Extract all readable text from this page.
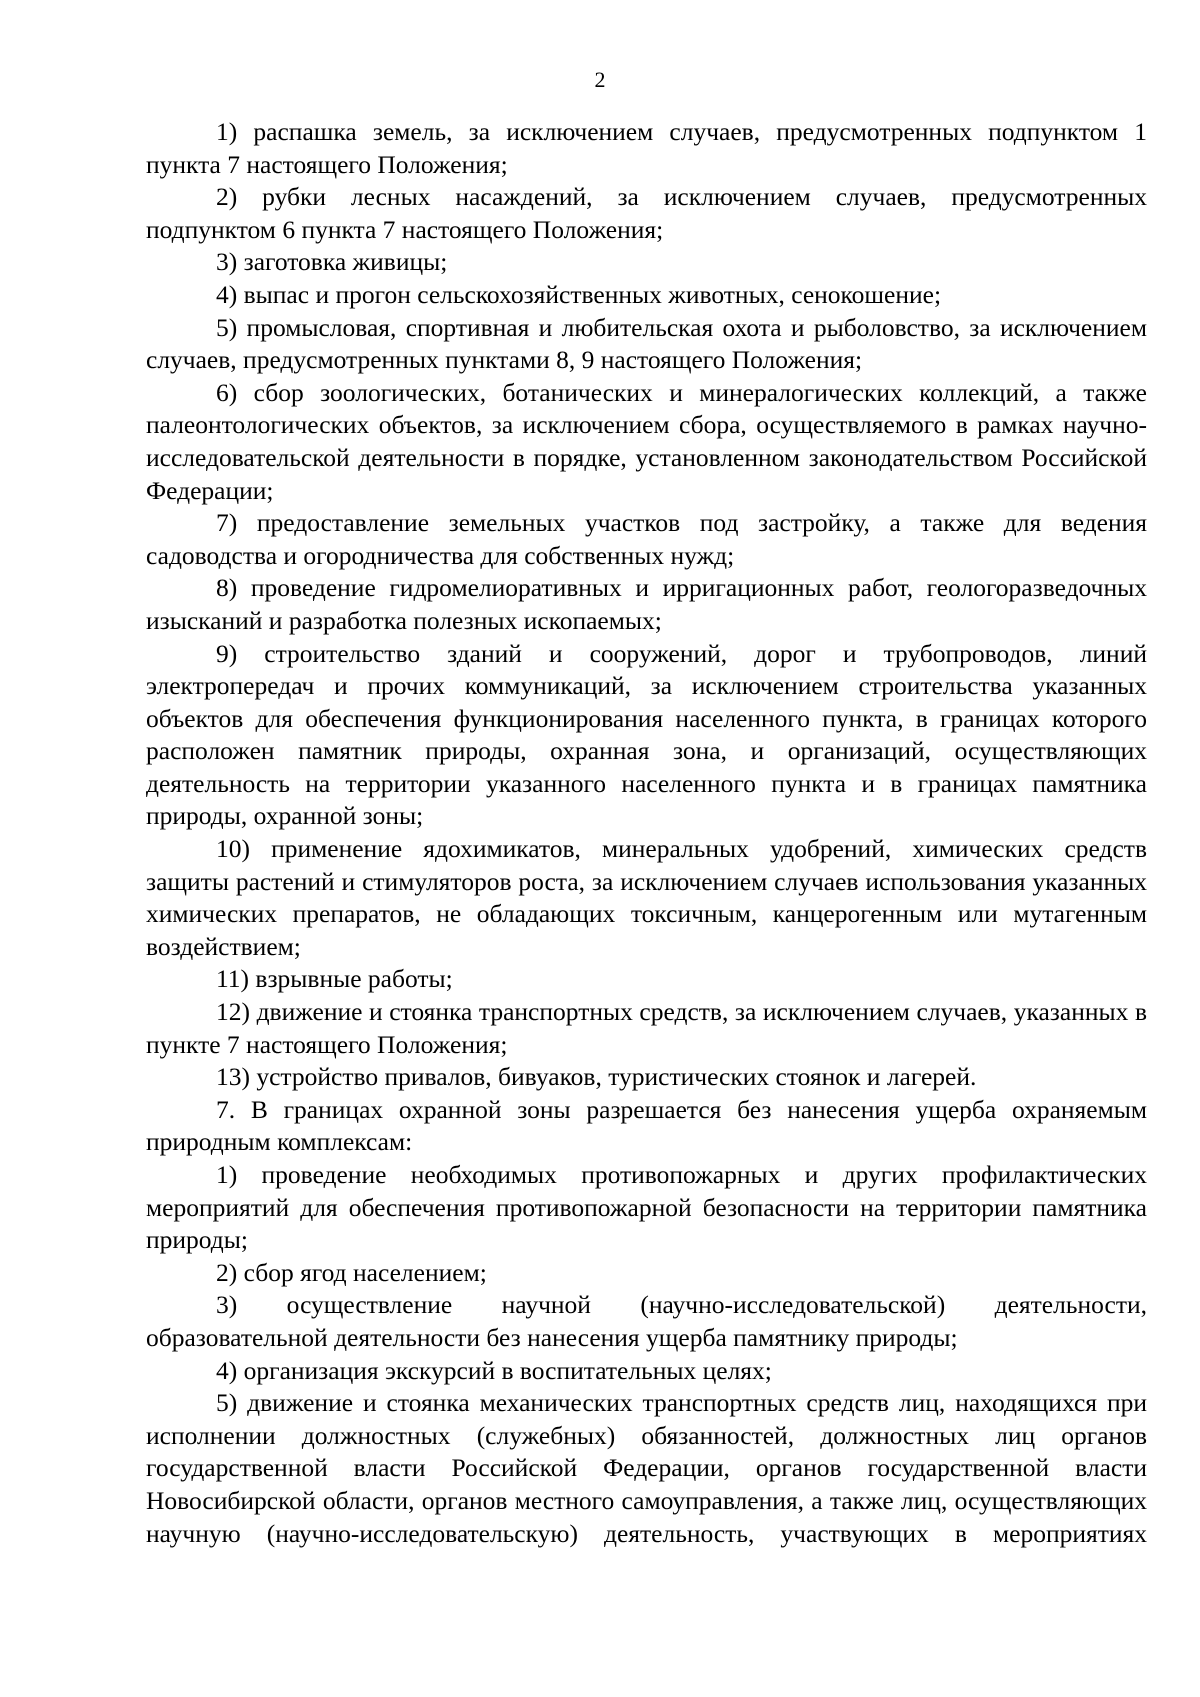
2

1) распашка земель, за исключением случаев, предусмотренных подпунктом 1 пункта 7 настоящего Положения;

2) рубки лесных насаждений, за исключением случаев, предусмотренных подпунктом 6 пункта 7 настоящего Положения;

3) заготовка живицы;

4) выпас и прогон сельскохозяйственных животных, сенокошение;

5) промысловая, спортивная и любительская охота и рыболовство, за исключением случаев, предусмотренных пунктами 8, 9 настоящего Положения;

6) сбор зоологических, ботанических и минералогических коллекций, а также палеонтологических объектов, за исключением сбора, осуществляемого в рамках научно-исследовательской деятельности в порядке, установленном законодательством Российской Федерации;

7) предоставление земельных участков под застройку, а также для ведения садоводства и огородничества для собственных нужд;

8) проведение гидромелиоративных и ирригационных работ, геологоразведочных изысканий и разработка полезных ископаемых;

9) строительство зданий и сооружений, дорог и трубопроводов, линий электропередач и прочих коммуникаций, за исключением строительства указанных объектов для обеспечения функционирования населенного пункта, в границах которого расположен памятник природы, охранная зона, и организаций, осуществляющих деятельность на территории указанного населенного пункта и в границах памятника природы, охранной зоны;

10) применение ядохимикатов, минеральных удобрений, химических средств защиты растений и стимуляторов роста, за исключением случаев использования указанных химических препаратов, не обладающих токсичным, канцерогенным или мутагенным воздействием;

11) взрывные работы;

12) движение и стоянка транспортных средств, за исключением случаев, указанных в пункте 7 настоящего Положения;

13) устройство привалов, бивуаков, туристических стоянок и лагерей.

7. В границах охранной зоны разрешается без нанесения ущерба охраняемым природным комплексам:

1) проведение необходимых противопожарных и других профилактических мероприятий для обеспечения противопожарной безопасности на территории памятника природы;

2) сбор ягод населением;

3) осуществление научной (научно-исследовательской) деятельности, образовательной деятельности без нанесения ущерба памятнику природы;

4) организация экскурсий в воспитательных целях;

5) движение и стоянка механических транспортных средств лиц, находящихся при исполнении должностных (служебных) обязанностей, должностных лиц органов государственной власти Российской Федерации, органов государственной власти Новосибирской области, органов местного самоуправления, а также лиц, осуществляющих научную (научно-исследовательскую) деятельность, участвующих в мероприятиях
